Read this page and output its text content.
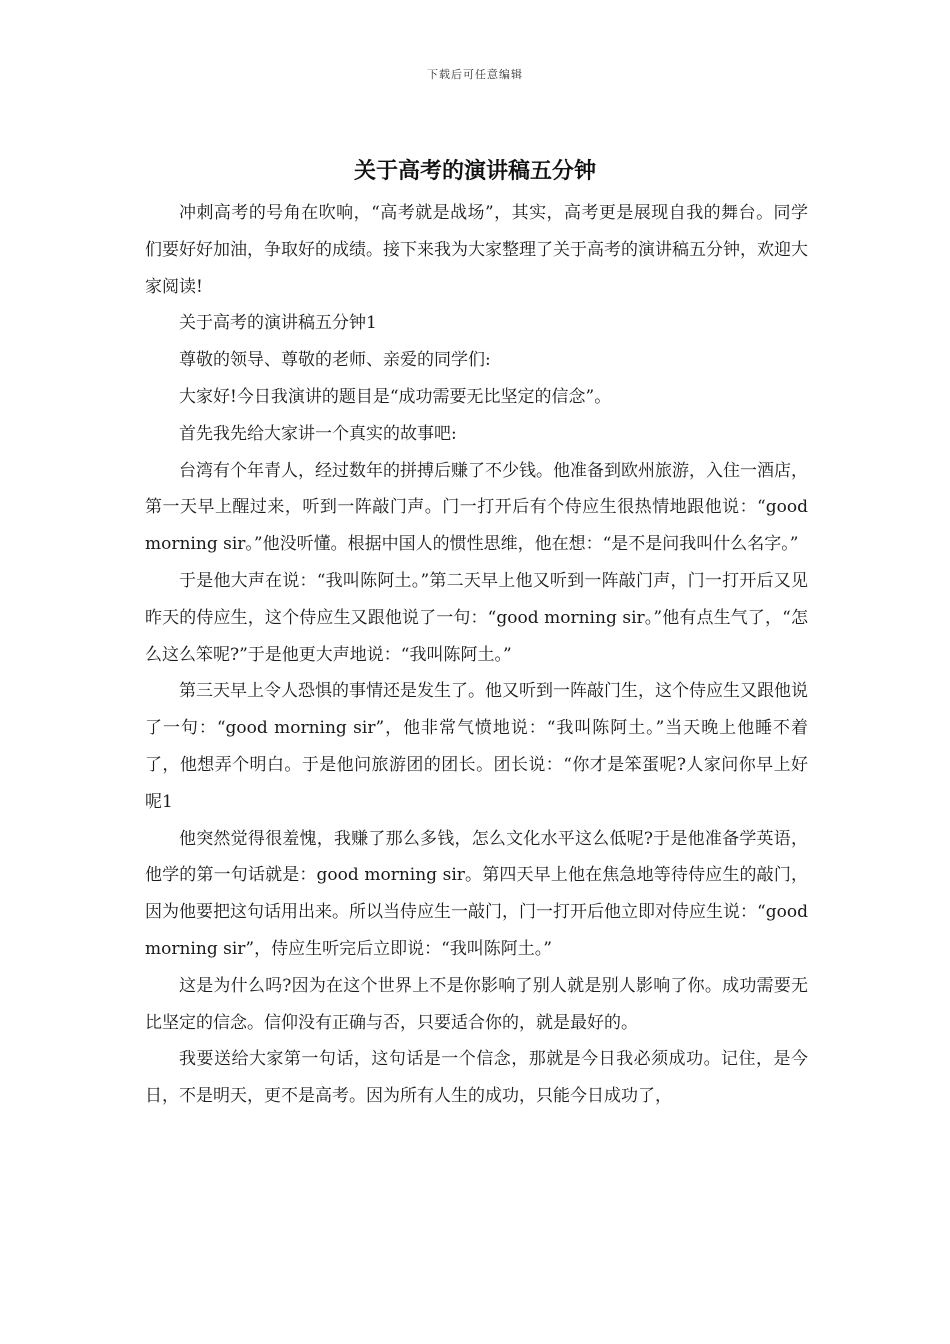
下载后可任意编辑
关于高考的演讲稿五分钟

冲刺高考的号角在吹响，“高考就是战场”，其实，高考更是展现自我的舞台。同学们要好好加油，争取好的成绩。接下来我为大家整理了关于高考的演讲稿五分钟，欢迎大家阅读!

关于高考的演讲稿五分钟1

尊敬的领导、尊敬的老师、亲爱的同学们:

大家好!今日我演讲的题目是“成功需要无比坚定的信念”。

首先我先给大家讲一个真实的故事吧:

台湾有个年青人，经过数年的拼搏后赚了不少钱。他准备到欧州旅游，入住一酒店，第一天早上醒过来，听到一阵敲门声。门一打开后有个侍应生很热情地跟他说：“good morning sir。”他没听懂。根据中国人的惯性思维，他在想：“是不是问我叫什么名字。”

于是他大声在说：“我叫陈阿土。”第二天早上他又听到一阵敲门声，门一打开后又见昨天的侍应生，这个侍应生又跟他说了一句：“good morning sir。”他有点生气了，“怎么这么笨呢?”于是他更大声地说：“我叫陈阿土。”

第三天早上令人恐惧的事情还是发生了。他又听到一阵敲门生，这个侍应生又跟他说了一句：“good morning sir”，他非常气愤地说：“我叫陈阿土。”当天晚上他睡不着了，他想弄个明白。于是他问旅游团的团长。团长说：“你才是笨蛋呢?人家问你早上好呢1

他突然觉得很羞愧，我赚了那么多钱，怎么文化水平这么低呢?于是他准备学英语，他学的第一句话就是：good morning sir。第四天早上他在焦急地等待侍应生的敲门，因为他要把这句话用出来。所以当侍应生一敲门，门一打开后他立即对侍应生说：“good morning sir”，侍应生听完后立即说：“我叫陈阿土。”

这是为什么吗?因为在这个世界上不是你影响了别人就是别人影响了你。成功需要无比坚定的信念。信仰没有正确与否，只要适合你的，就是最好的。

我要送给大家第一句话，这句话是一个信念，那就是今日我必须成功。记住，是今日，不是明天，更不是高考。因为所有人生的成功，只能今日成功了，
